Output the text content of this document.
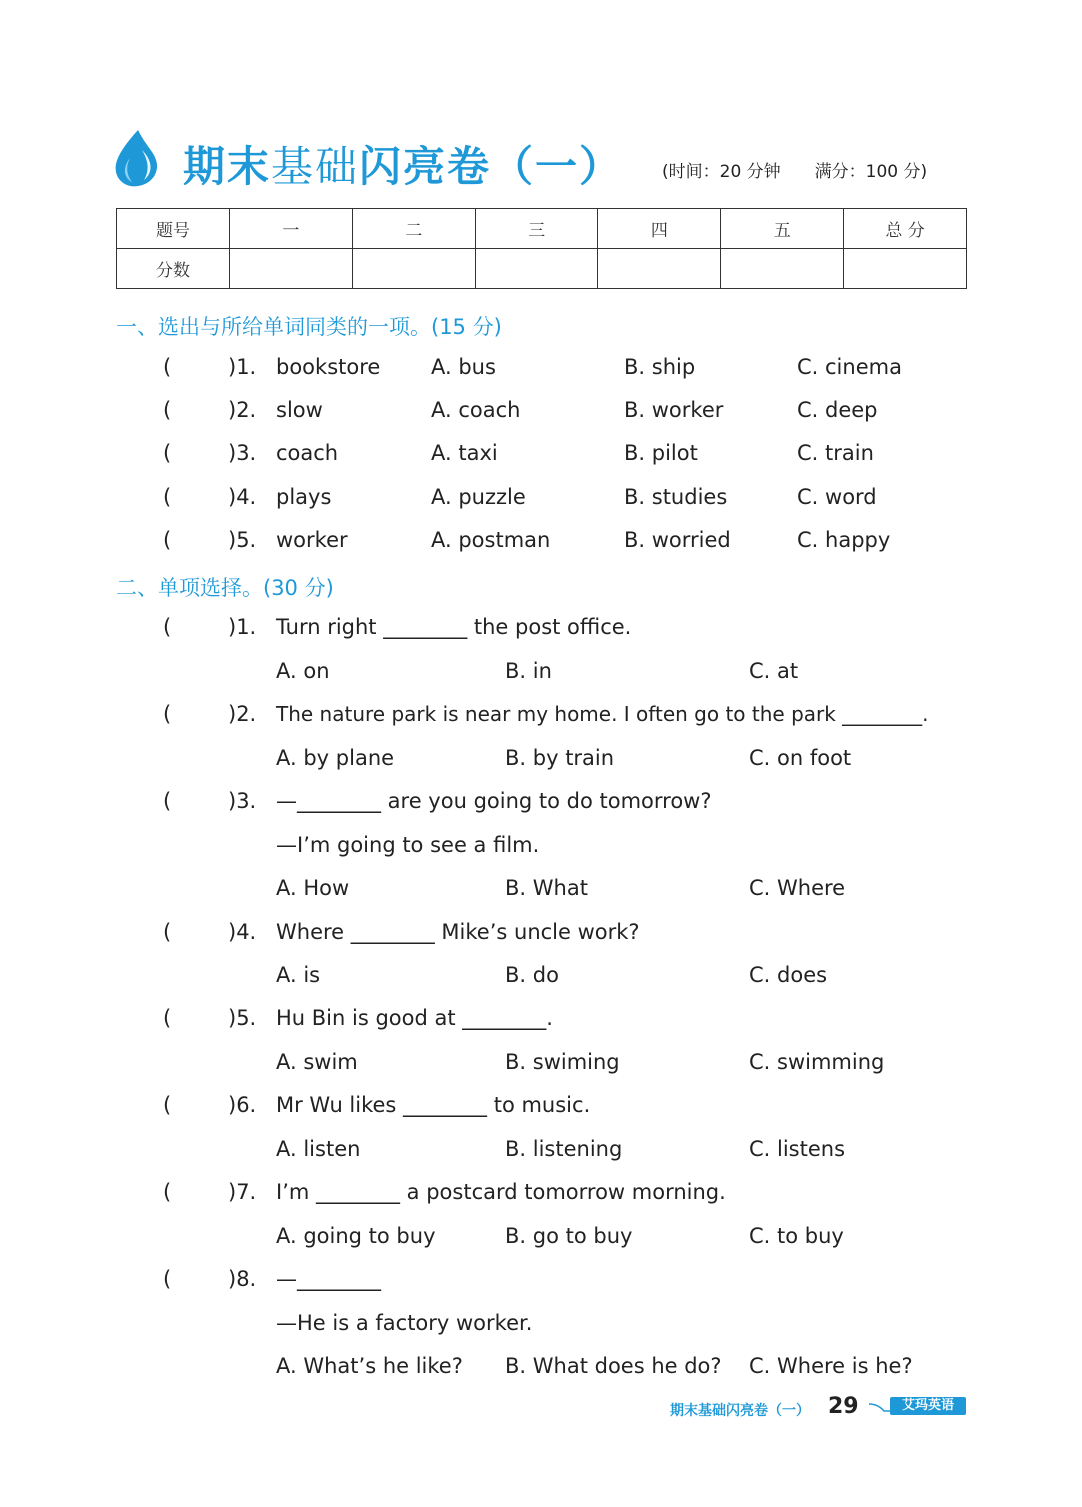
期末基础闪亮卷（一） (时间：20 分钟 满分：100 分)
题号	一	二	三	四	五	总 分
分数						
一、选出与所给单词同类的一项。(15 分)
(	)1. bookstore A. bus	B. ship	C. cinema
(	)2. slow	A. coach	B. worker	C. deep
(	)3. coach	A. taxi	B. pilot	C. train
(	)4. plays	A. puzzle	B. studies	C. word
(	)5. worker	A. postman	B. worried	C. happy
二、单项选择。(30 分)
(	)1. Turn right ________ the post office.
A. on	B. in	C. at
(	)2. The nature park is near my home. I often go to the park ________.
A. by plane	B. by train	C. on foot
(	)3. —________ are you going to do tomorrow?
—I’m going to see a film.
A. How	B. What	C. Where
(	)4. Where ________ Mike’s uncle work?
A. is	B. do	C. does
(	)5. Hu Bin is good at ________.
A. swim	B. swiming	C. swimming
(	)6. Mr Wu likes ________ to music.
A. listen	B. listening	C. listens
(	)7. I’m ________ a postcard tomorrow morning.
A. going to buy	B. go to buy	C. to buy
(	)8. —________
—He is a factory worker.
A. What’s he like? B. What does he do? C. Where is he?
期末基础闪亮卷（一） 29	艾玛英语
